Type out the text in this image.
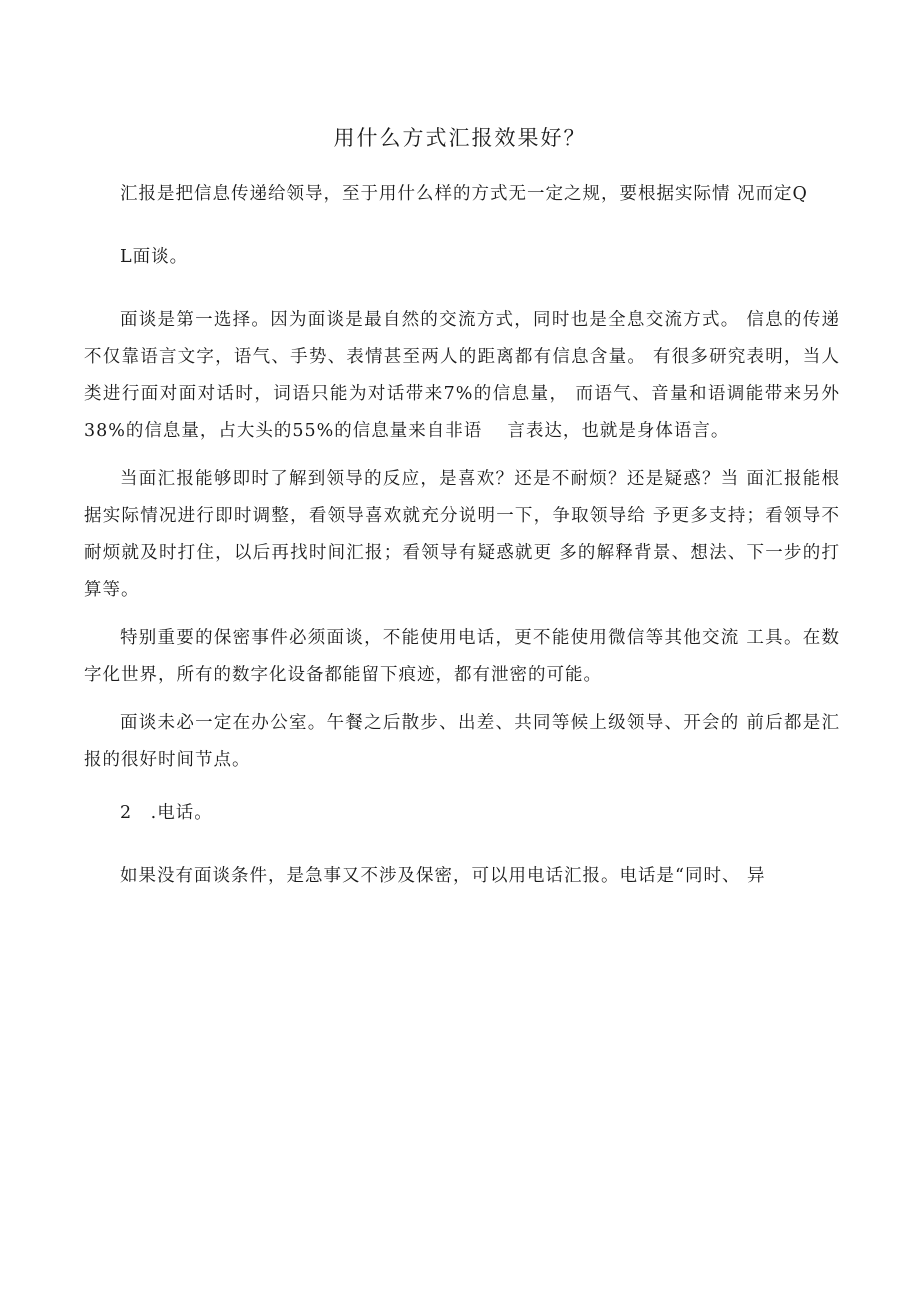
用什么方式汇报效果好？

汇报是把信息传递给领导，至于用什么样的方式无一定之规，要根据实际情 况而定Q

L面谈。

面谈是第一选择。因为面谈是最自然的交流方式，同时也是全息交流方式。 信息的传递不仅靠语言文字，语气、手势、表情甚至两人的距离都有信息含量。 有很多研究表明，当人类进行面对面对话时，词语只能为对话带来7%的信息量， 而语气、音量和语调能带来另外38%的信息量，占大头的55%的信息量来自非语　 言表达，也就是身体语言。

当面汇报能够即时了解到领导的反应，是喜欢？还是不耐烦？还是疑惑？当 面汇报能根据实际情况进行即时调整，看领导喜欢就充分说明一下，争取领导给 予更多支持；看领导不耐烦就及时打住，以后再找时间汇报；看领导有疑惑就更 多的解释背景、想法、下一步的打算等。

特别重要的保密事件必须面谈，不能使用电话，更不能使用微信等其他交流 工具。在数字化世界，所有的数字化设备都能留下痕迹，都有泄密的可能。

面谈未必一定在办公室。午餐之后散步、出差、共同等候上级领导、开会的 前后都是汇报的很好时间节点。

2　.电话。

如果没有面谈条件，是急事又不涉及保密，可以用电话汇报。电话是“同时、 异
